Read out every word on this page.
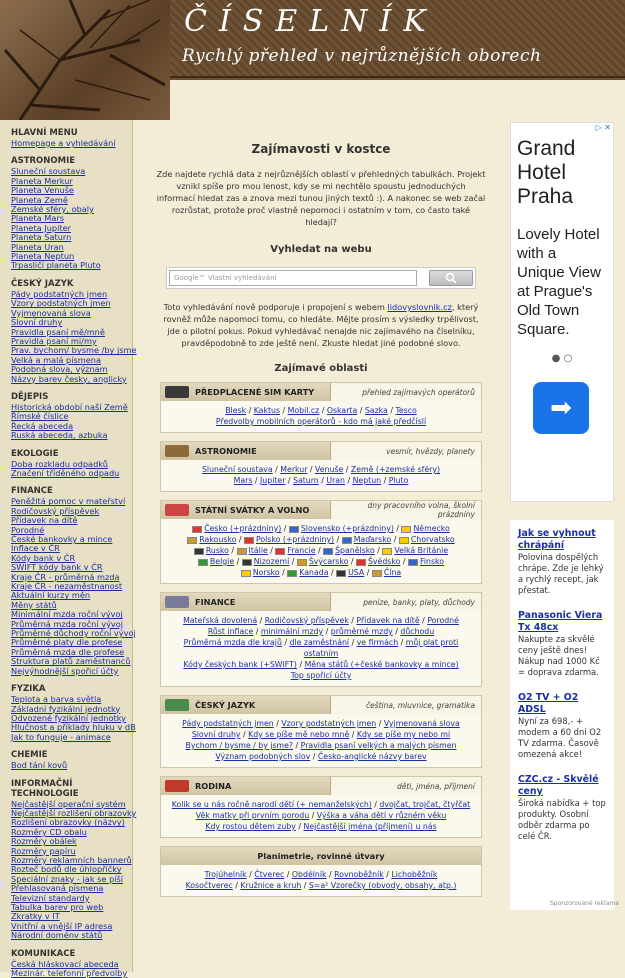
ČÍSELNÍK
Rychlý přehled v nejrůznějších oborech
HLAVNÍ MENU
Homepage a vyhledávání
ASTRONOMIE
Sluneční soustava
Planeta Merkur
Planeta Venuše
Planeta Země
Zemské sféry, obaly
Planeta Mars
Planeta Jupiter
Planeta Saturn
Planeta Uran
Planeta Neptun
Trpasličí planeta Pluto
ČESKÝ JAZYK
Pády podstatných jmen
Vzory podstatných jmen
Vyjmenovaná slova
Slovní druhy
Pravidla psaní mě/mně
Pravidla psaní mi/my
Prav. bychom/ bysme /by jsme
Velká a malá písmena
Podobná slova, význam
Názvy barev česky, anglicky
DĚJEPIS
Historická období naší Země
Římské číslice
Řecká abeceda
Ruská abeceda, azbuka
EKOLOGIE
Doba rozkladu odpadků
Značení tříděného odpadu
FINANCE
Peněžitá pomoc v mateřství
Rodičovský příspěvek
Přídavek na dítě
Porodné
České bankovky a mince
Inflace v ČR
Kódy bank v ČR
SWIFT kódy bank v ČR
Kraje ČR - průměrná mzda
Kraje ČR - nezaměstnanost
Aktuální kurzy měn
Měny států
Minimální mzda roční vývoj
Průměrná mzda roční vývoj
Průměrné důchody roční vývoj
Průměrné platy dle profese
Průměrná mzda dle profese
Struktura platů zaměstnanců
Nejvýhodnější spořicí účty
FYZIKA
Teplota a barva světla
Základní fyzikální jednotky
Odvozené fyzikální jednotky
Hlučnost a příklady hluku v dB
Jak to funguje - animace
CHEMIE
Bod tání kovů
INFORMAČNÍ TECHNOLOGIE
Nejčastější operační systém
Nejčastější rozlišení obrazovky
Rozlišení obrazovky (názvy)
Rozměry CD obalu
Rozměry obálek
Rozměry papíru
Rozměry reklamních bannerů
Rozteč bodů dle úhlopříčky
Speciální znaky - jak se píší
Přehlasovaná písmena
Televizní standardy
Tabulka barev pro web
Zkratky v IT
Vnitřní a vnější IP adresa
Národní doménv států
KOMUNIKACE
Česká hláskovací abeceda
Mezinár. telefonní předvolby
Zajímavosti v kostce
Zde najdete rychlá data z nejrůznějších oblastí v přehledných tabulkách. Projekt vznikl spíše pro mou lenost, kdy se mi nechtělo spoustu jednoduchých informací hledat zas a znova mezi tunou jiných textů :). A nakonec se web začal rozrůstat, protože proč vlastně nepomoci i ostatním v tom, co často také hledají?
Vyhledat na webu
Google™ Vlastní vyhledávání
Toto vyhledávání nově podporuje i propojení s webem lidovyslovnik.cz, který rovněž může napomoci tomu, co hledáte. Mějte prosím s výsledky trpělivost, jde o pilotní pokus. Pokud vyhledávač nenajde nic zajímavého na číselníku, pravděpodobně to zde ještě není. Zkuste hledat jiné podobné slovo.
Zajímavé oblasti
PŘEDPLACENÉ SIM KARTY	přehled zajímavých operátorů
Blesk / Kaktus / Mobil.cz / Oskarta / Sazka / Tesco
Předvolby mobilních operátorů - kdo má jaké předčíslí
ASTRONOMIE	vesmír, hvězdy, planety
Sluneční soustava / Merkur / Venuše / Země (+zemské sféry)
Mars / Jupiter / Saturn / Uran / Neptun / Pluto
STÁTNÍ SVÁTKY A VOLNO	dny pracovního volna, školní prázdniny
Česko (+prázdniny) / Slovensko (+prázdniny) / Německo
Rakousko / Polsko (+prázdniny) / Maďarsko / Chorvatsko
Rusko / Itálie / Francie / Španělsko / Velká Británie
Belgie / Nizozemí / Švýcarsko / Švédsko / Finsko
Norsko / Kanada / USA / Čína
FINANCE	peníze, banky, platy, důchody
Mateřská dovolená / Rodičovský příspěvek / Přídavek na dítě / Porodné
Růst inflace / minimální mzdy / průměrné mzdy / důchodu
Průměrná mzda dle krajů / dle zaměstnání / ve firmách / můj plat proti ostatním
Kódy českých bank (+SWIFT) / Měna států (+české bankovky a mince)
Top spořicí účty
ČESKÝ JAZYK	čeština, mluvnice, gramatika
Pády podstatných jmen / Vzory podstatných jmen / Vyjmenovaná slova
Slovní druhy / Kdy se píše mě nebo mně / Kdy se píše my nebo mi
Bychom / bysme / by jsme? / Pravidla psaní velkých a malých písmen
Význam podobných slov / Česko-anglické názvy barev
RODINA	děti, jména, příjmení
Kolik se u nás ročně narodí dětí (+ nemanželských) / dvojčat, trojčat, čtyřčat
Věk matky při prvním porodu / Výška a váha dětí v různém věku
Kdy rostou dětem zuby / Nejčastější jména (příjmení) u nás
Planimetrie, rovinné útvary
Trojúhelník / Čtverec / Obdélník / Rovnoběžník / Lichoběžník
Kosočtverec / Kružnice a kruh / S=a² Vzorečky (obvody, obsahy, atp.)
▷ ✕
Grand Hotel Praha
Lovely Hotel with a Unique View at Prague's Old Town Square.
● ○
➡
Jak se vyhnout chrápání
Polovina dospělých chrápe. Zde je lehký a rychlý recept, jak přestat.
Panasonic Viera Tx 48cx
Nakupte za skvělé ceny ještě dnes! Nákup nad 1000 Kč = doprava zdarma.
O2 TV + O2 ADSL
Nyní za 698,- + modem a 60 dní O2 TV zdarma. Časově omezená akce!
CZC.cz - Skvělé ceny
Široká nabídka + top produkty. Osobní odběr zdarma po celé ČR.
Sponzorované reklama
